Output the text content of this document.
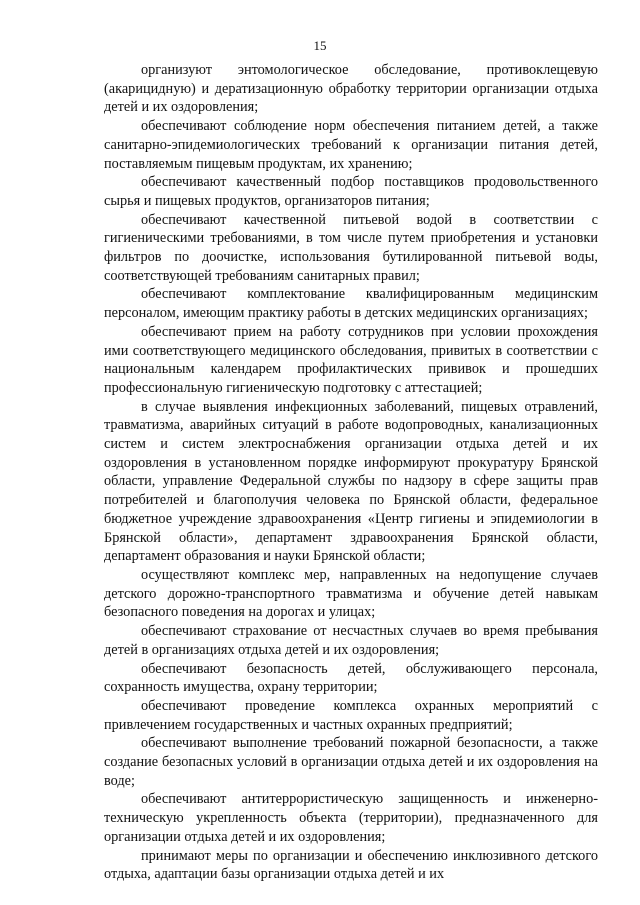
15

организуют энтомологическое обследование, противоклещевую (акарицидную) и дератизационную обработку территории организации отдыха детей и их оздоровления;

обеспечивают соблюдение норм обеспечения питанием детей, а также санитарно-эпидемиологических требований к организации питания детей, поставляемым пищевым продуктам, их хранению;

обеспечивают качественный подбор поставщиков продовольственного сырья и пищевых продуктов, организаторов питания;

обеспечивают качественной питьевой водой в соответствии с гигиеническими требованиями, в том числе путем приобретения и установки фильтров по доочистке, использования бутилированной питьевой воды, соответствующей требованиям санитарных правил;

обеспечивают комплектование квалифицированным медицинским персоналом, имеющим практику работы в детских медицинских организациях;

обеспечивают прием на работу сотрудников при условии прохождения ими соответствующего медицинского обследования, привитых в соответствии с национальным календарем профилактических прививок и прошедших профессиональную гигиеническую подготовку с аттестацией;

в случае выявления инфекционных заболеваний, пищевых отравлений, травматизма, аварийных ситуаций в работе водопроводных, канализационных систем и систем электроснабжения организации отдыха детей и их оздоровления в установленном порядке информируют прокуратуру Брянской области, управление Федеральной службы по надзору в сфере защиты прав потребителей и благополучия человека по Брянской области, федеральное бюджетное учреждение здравоохранения «Центр гигиены и эпидемиологии в Брянской области», департамент здравоохранения Брянской области, департамент образования и науки Брянской области;

осуществляют комплекс мер, направленных на недопущение случаев детского дорожно-транспортного травматизма и обучение детей навыкам безопасного поведения на дорогах и улицах;

обеспечивают страхование от несчастных случаев во время пребывания детей в организациях отдыха детей и их оздоровления;

обеспечивают безопасность детей, обслуживающего персонала, сохранность имущества, охрану территории;

обеспечивают проведение комплекса охранных мероприятий с привлечением государственных и частных охранных предприятий;

обеспечивают выполнение требований пожарной безопасности, а также создание безопасных условий в организации отдыха детей и их оздоровления на воде;

обеспечивают антитеррористическую защищенность и инженерно-техническую укрепленность объекта (территории), предназначенного для организации отдыха детей и их оздоровления;

принимают меры по организации и обеспечению инклюзивного детского отдыха, адаптации базы организации отдыха детей и их
